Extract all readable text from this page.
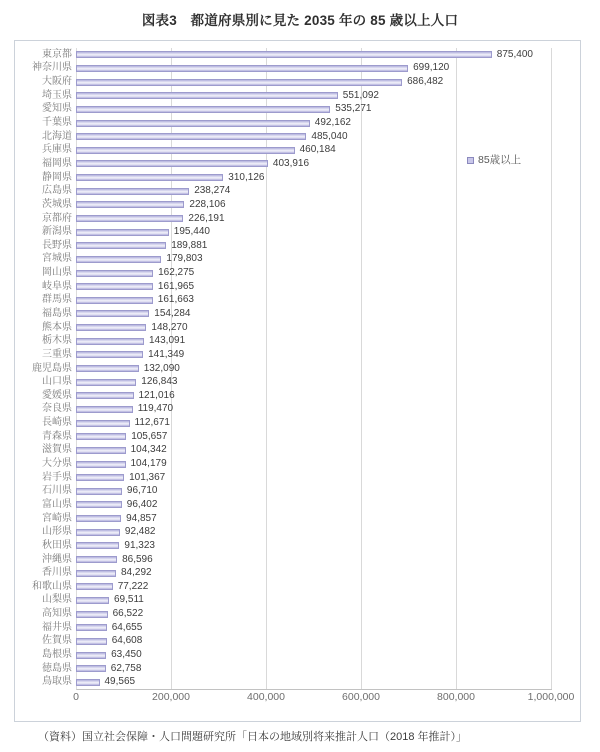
図表3　都道府県別に見た 2035 年の 85 歳以上人口
東京都	875,400
神奈川県	699,120
大阪府	686,482
埼玉県	551,092
愛知県	535,271
千葉県	492,162
北海道	485,040
兵庫県	460,184
福岡県	403,916
静岡県	310,126
広島県	238,274
茨城県	228,106
京都府	226,191
新潟県	195,440
長野県	189,881
宮城県	179,803
岡山県	162,275
岐阜県	161,965
群馬県	161,663
福島県	154,284
熊本県	148,270
栃木県	143,091
三重県	141,349
鹿児島県	132,090
山口県	126,843
愛媛県	121,016
奈良県	119,470
長崎県	112,671
青森県	105,657
滋賀県	104,342
大分県	104,179
岩手県	101,367
石川県	96,710
富山県	96,402
宮崎県	94,857
山形県	92,482
秋田県	91,323
沖縄県	86,596
香川県	84,292
和歌山県	77,222
山梨県	69,511
高知県	66,522
福井県	64,655
佐賀県	64,608
島根県	63,450
徳島県	62,758
鳥取県	49,565
85歳以上
0	200,000	400,000	600,000	800,000	1,000,000
（資料）国立社会保障・人口問題研究所「日本の地域別将来推計人口（2018 年推計）」
